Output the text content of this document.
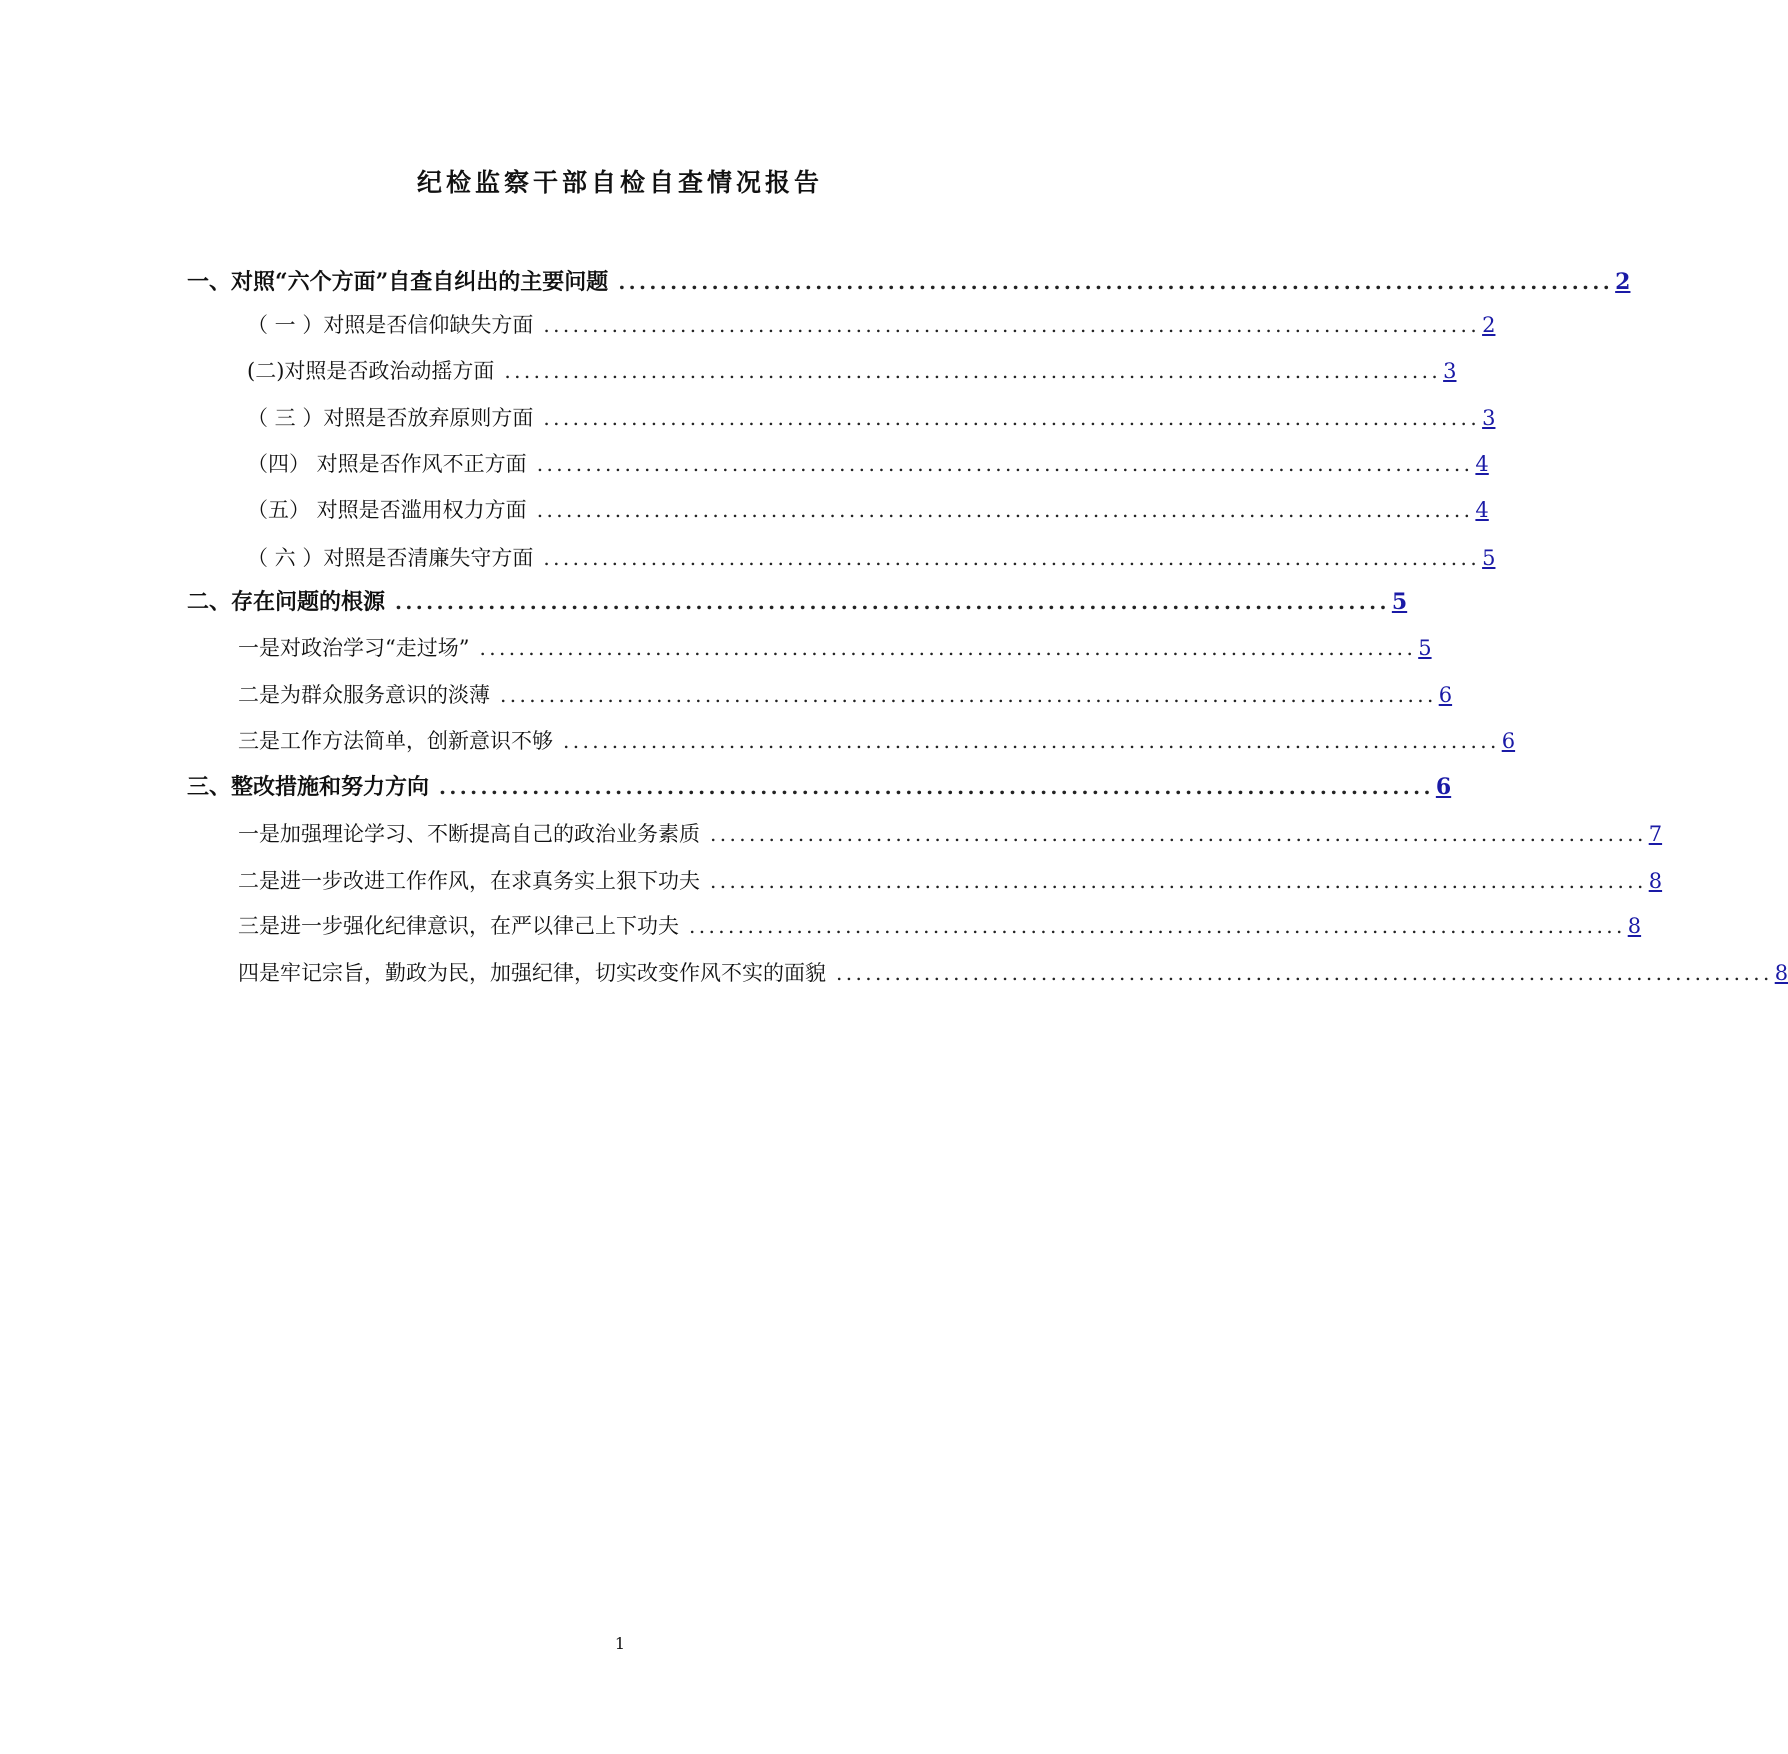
纪检监察干部自检自查情况报告
一、对照“六个方面”自查自纠出的主要问题 ................................................................................................ 2
（ 一 ）对照是否信仰缺失方面 ................................................................................................ 2
(二)对照是否政治动摇方面 ................................................................................................ 3
（ 三 ）对照是否放弃原则方面 ................................................................................................ 3
（四） 对照是否作风不正方面 ................................................................................................ 4
（五） 对照是否滥用权力方面 ................................................................................................ 4
（ 六 ）对照是否清廉失守方面 ................................................................................................ 5
二、存在问题的根源 ................................................................................................ 5
一是对政治学习“走过场” ................................................................................................ 5
二是为群众服务意识的淡薄 ................................................................................................ 6
三是工作方法简单，创新意识不够 ................................................................................................ 6
三、整改措施和努力方向 ................................................................................................ 6
一是加强理论学习、不断提高自己的政治业务素质 ................................................................................................ 7
二是进一步改进工作作风，在求真务实上狠下功夫 ................................................................................................ 8
三是进一步强化纪律意识，在严以律己上下功夫 ................................................................................................ 8
四是牢记宗旨，勤政为民，加强纪律，切实改变作风不实的面貌 ................................................................................................ 8
1
